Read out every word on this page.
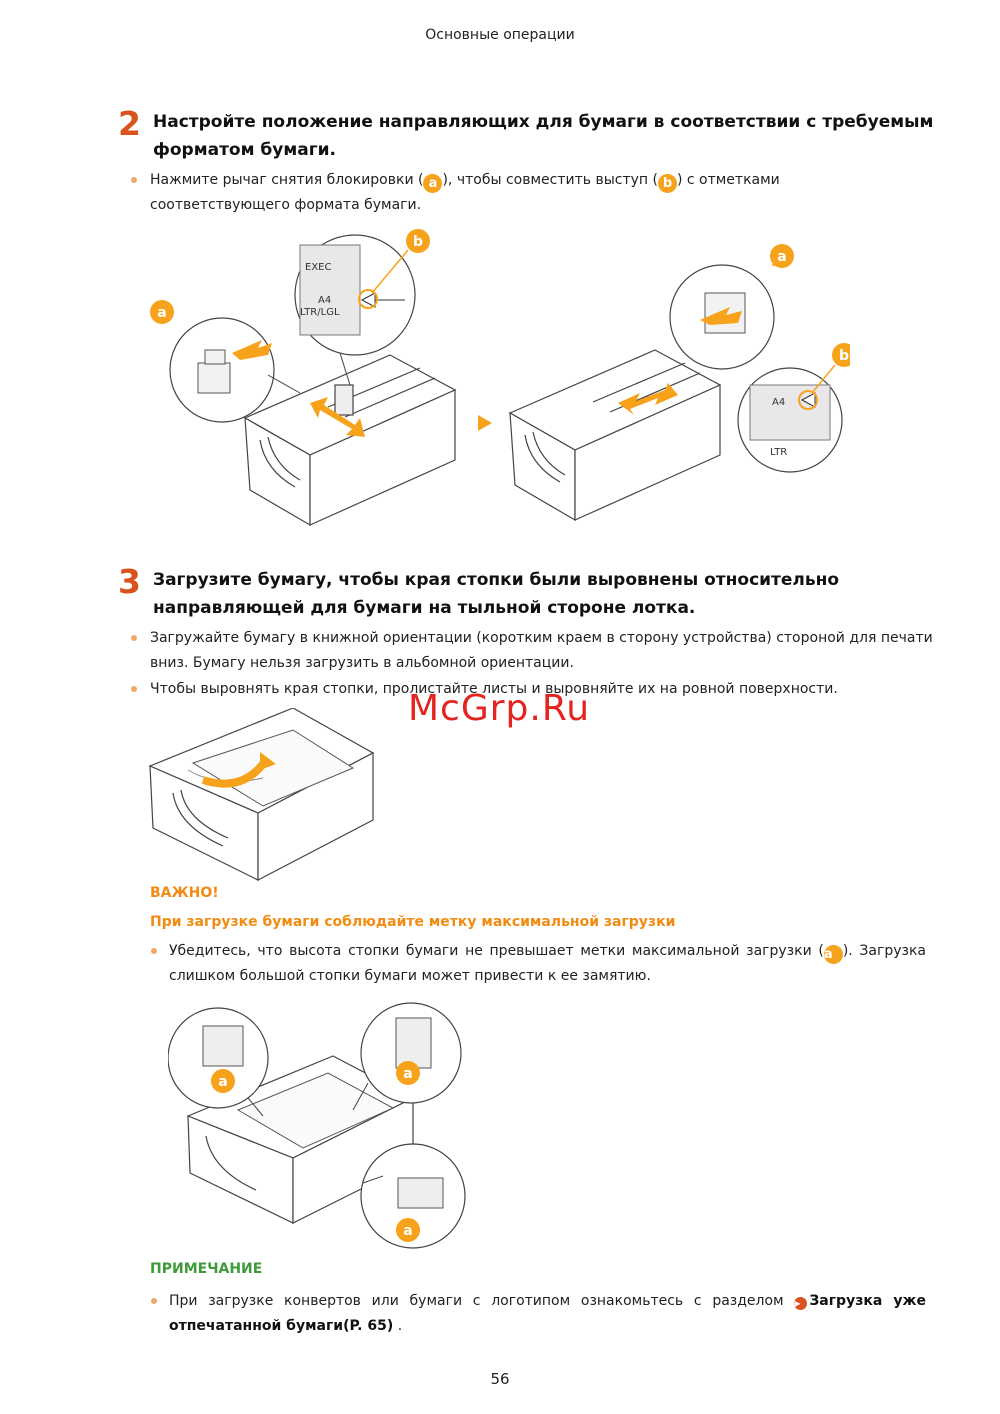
Основные операции
2 Настройте положение направляющих для бумаги в соответствии с требуемым форматом бумаги.
Нажмите рычаг снятия блокировки ( a ), чтобы совместить выступ ( b ) с отметками соответствующего формата бумаги.
a
EXEC
A4
LTR/LGL
b
a
A4
LTR
b
3 Загрузите бумагу, чтобы края стопки были выровнены относительно направляющей для бумаги на тыльной стороне лотка.
Загружайте бумагу в книжной ориентации (коротким краем в сторону устройства) стороной для печати вниз. Бумагу нельзя загрузить в альбомной ориентации.
Чтобы выровнять края стопки, пролистайте листы и выровняйте их на ровной поверхности.
McGrp.Ru
ВАЖНО!
При загрузке бумаги соблюдайте метку максимальной загрузки
Убедитесь, что высота стопки бумаги не превышает метки максимальной загрузки (a ). Загрузка слишком большой стопки бумаги может привести к ее замятию.
a	a
a
ПРИМЕЧАНИЕ
При загрузке конвертов или бумаги с логотипом ознакомьтесь с разделом ▶ Загрузка уже отпечатанной бумаги(P. 65) .
56
